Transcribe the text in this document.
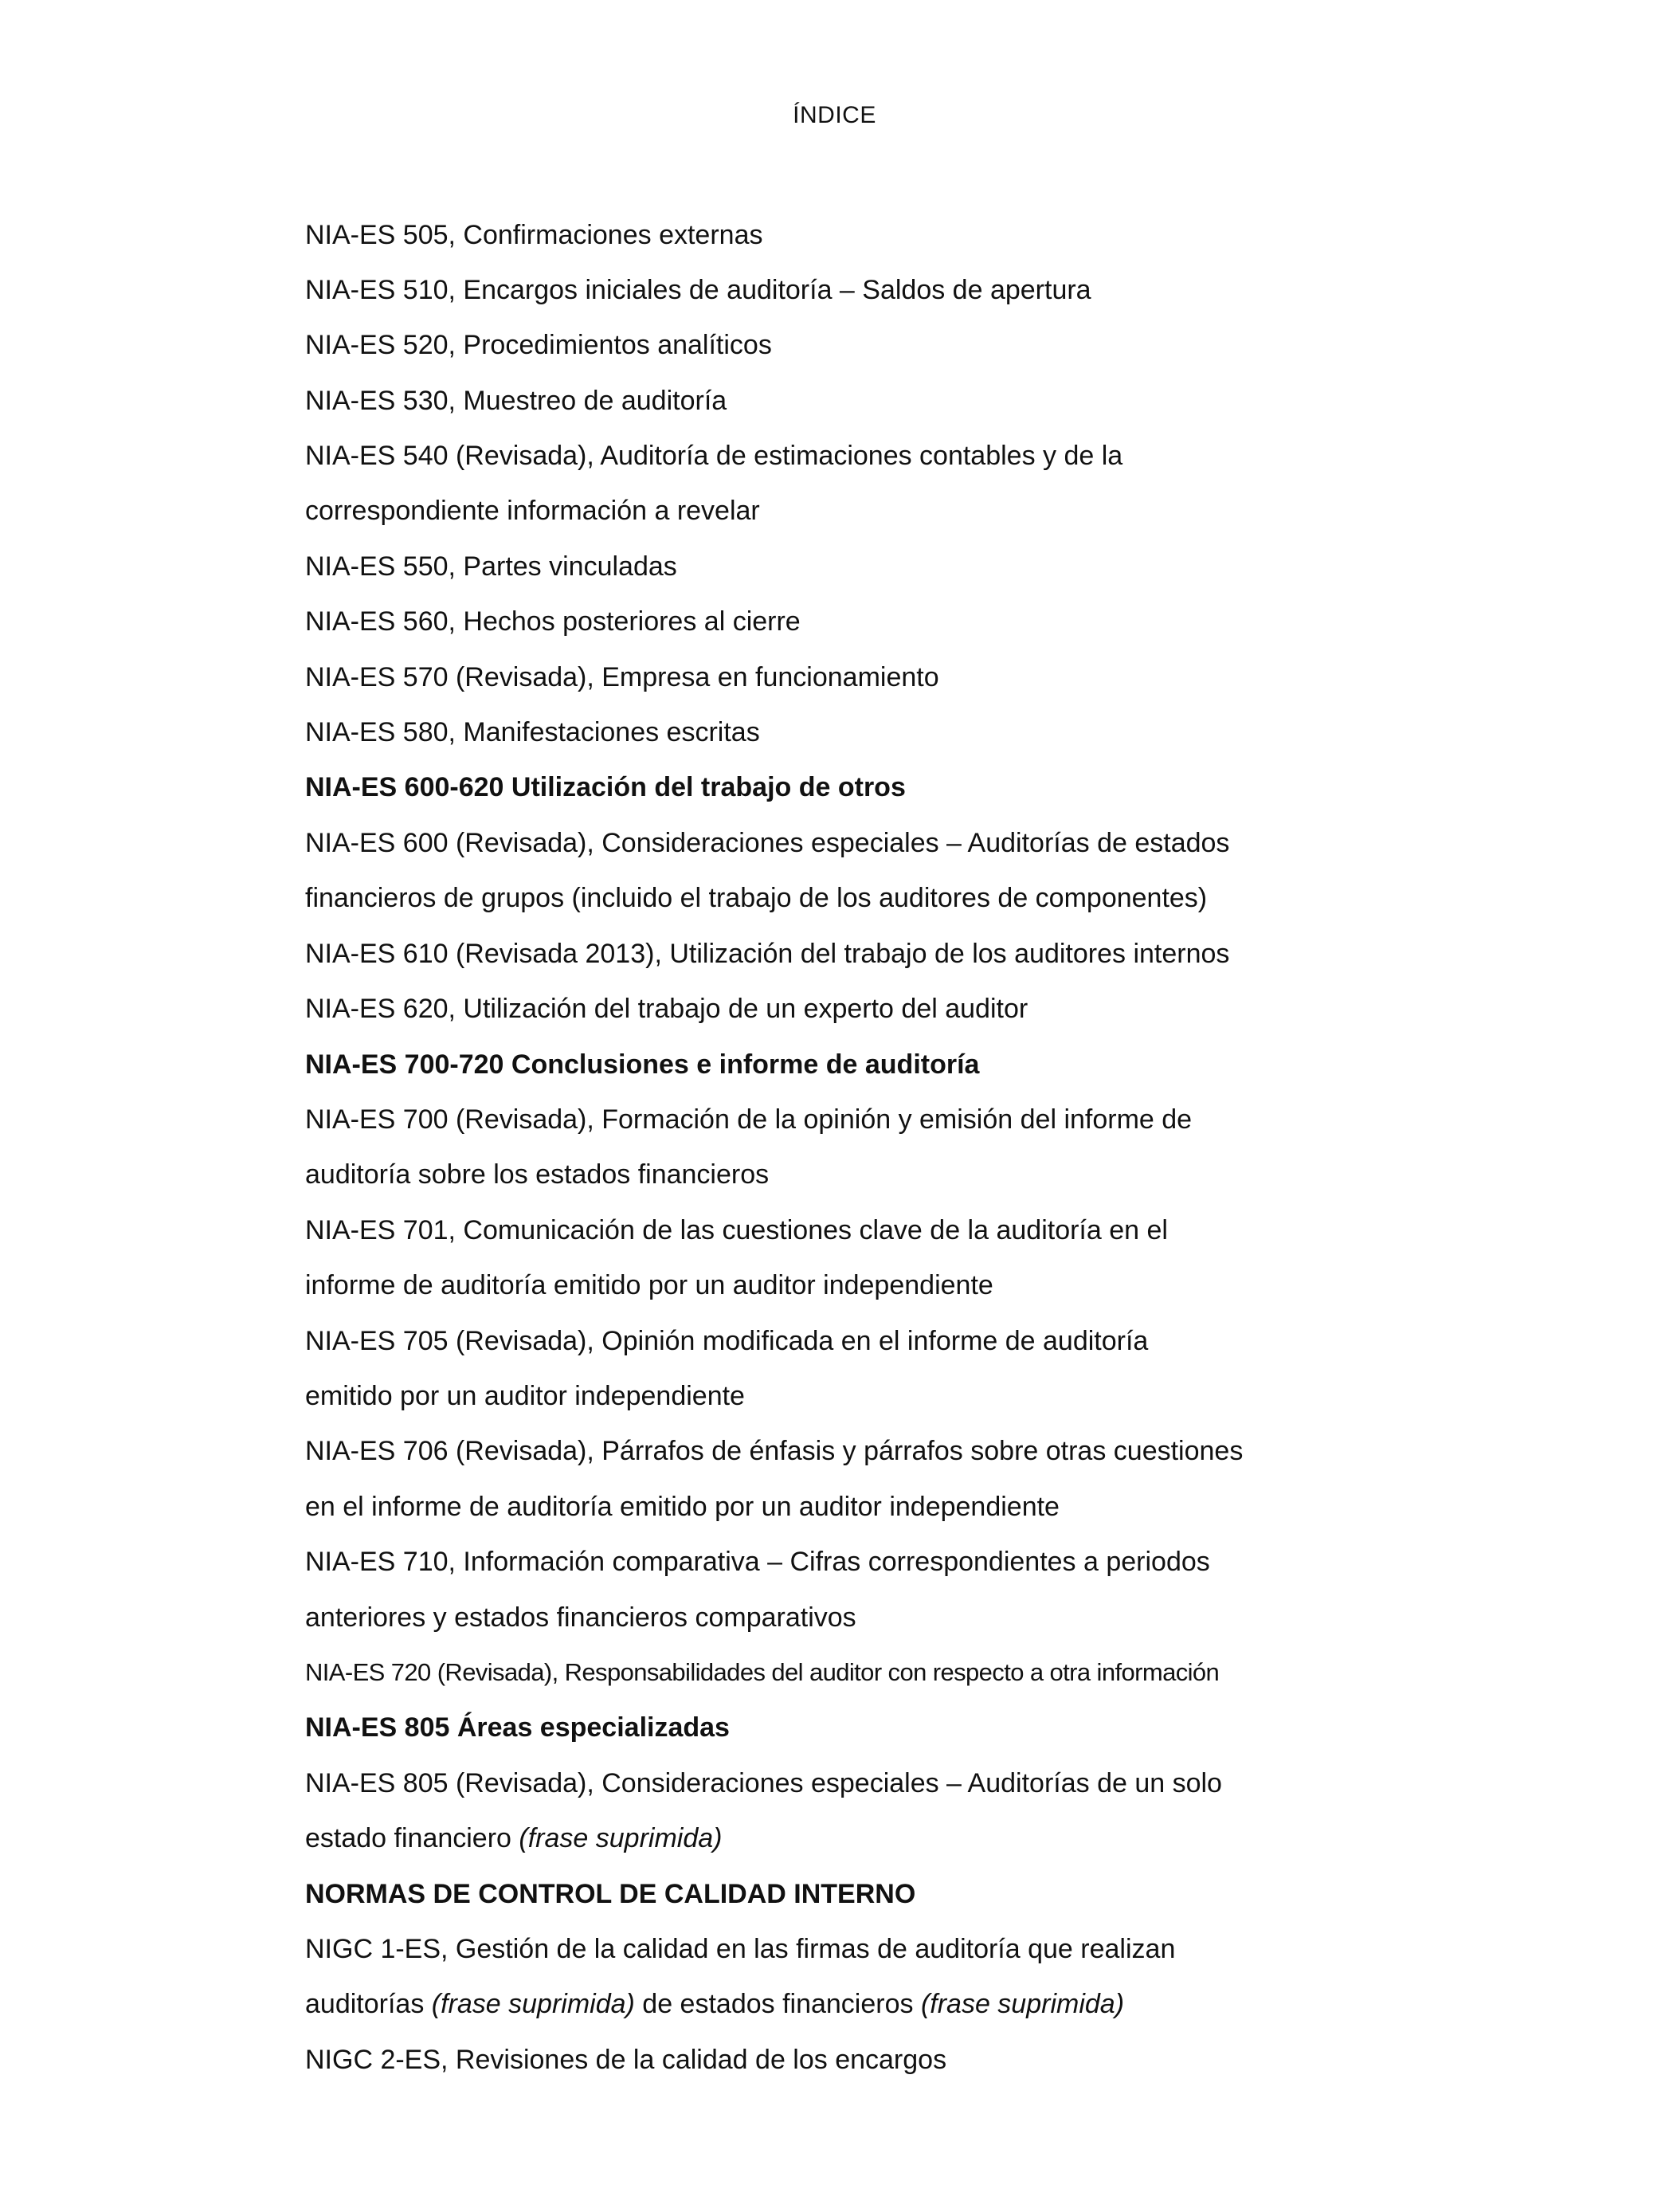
ÍNDICE
NIA-ES 505, Confirmaciones externas
NIA-ES 510, Encargos iniciales de auditoría – Saldos de apertura
NIA-ES 520, Procedimientos analíticos
NIA-ES 530, Muestreo de auditoría
NIA-ES 540 (Revisada), Auditoría de estimaciones contables y de la
correspondiente información a revelar
NIA-ES 550, Partes vinculadas
NIA-ES 560, Hechos posteriores al cierre
NIA-ES 570 (Revisada), Empresa en funcionamiento
NIA-ES 580, Manifestaciones escritas
NIA-ES 600-620 Utilización del trabajo de otros
NIA-ES 600 (Revisada), Consideraciones especiales – Auditorías de estados
financieros de grupos (incluido el trabajo de los auditores de componentes)
NIA-ES 610 (Revisada 2013), Utilización del trabajo de los auditores internos
NIA-ES 620, Utilización del trabajo de un experto del auditor
NIA-ES 700-720 Conclusiones e informe de auditoría
NIA-ES 700 (Revisada), Formación de la opinión y emisión del informe de
auditoría sobre los estados financieros
NIA-ES 701, Comunicación de las cuestiones clave de la auditoría en el
informe de auditoría emitido por un auditor independiente
NIA-ES 705 (Revisada), Opinión modificada en el informe de auditoría
emitido por un auditor independiente
NIA-ES 706 (Revisada), Párrafos de énfasis y párrafos sobre otras cuestiones
en el informe de auditoría emitido por un auditor independiente
NIA-ES 710, Información comparativa – Cifras correspondientes a periodos
anteriores y estados financieros comparativos
NIA-ES 720 (Revisada), Responsabilidades del auditor con respecto a otra información
NIA-ES 805 Áreas especializadas
NIA-ES 805 (Revisada), Consideraciones especiales – Auditorías de un solo
estado financiero (frase suprimida)
NORMAS DE CONTROL DE CALIDAD INTERNO
NIGC 1-ES, Gestión de la calidad en las firmas de auditoría que realizan
auditorías (frase suprimida) de estados financieros (frase suprimida)
NIGC 2-ES, Revisiones de la calidad de los encargos
